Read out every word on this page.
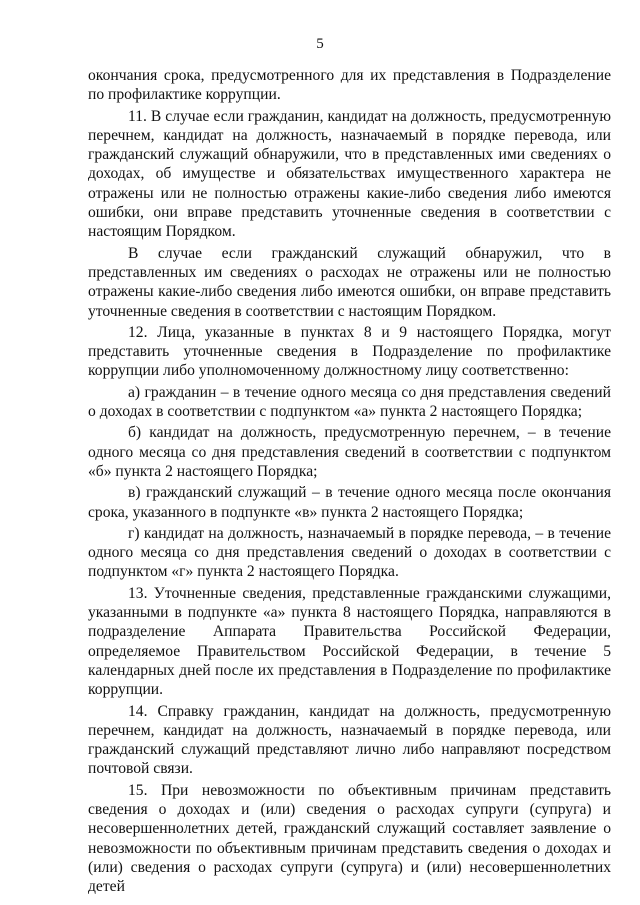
5

окончания срока, предусмотренного для их представления в Подразделение по профилактике коррупции.

11. В случае если гражданин, кандидат на должность, предусмотренную перечнем, кандидат на должность, назначаемый в порядке перевода, или гражданский служащий обнаружили, что в представленных ими сведениях о доходах, об имуществе и обязательствах имущественного характера не отражены или не полностью отражены какие-либо сведения либо имеются ошибки, они вправе представить уточненные сведения в соответствии с настоящим Порядком.

В случае если гражданский служащий обнаружил, что в представленных им сведениях о расходах не отражены или не полностью отражены какие-либо сведения либо имеются ошибки, он вправе представить уточненные сведения в соответствии с настоящим Порядком.

12. Лица, указанные в пунктах 8 и 9 настоящего Порядка, могут представить уточненные сведения в Подразделение по профилактике коррупции либо уполномоченному должностному лицу соответственно:

а) гражданин – в течение одного месяца со дня представления сведений о доходах в соответствии с подпунктом «а» пункта 2 настоящего Порядка;

б) кандидат на должность, предусмотренную перечнем, – в течение одного месяца со дня представления сведений в соответствии с подпунктом «б» пункта 2 настоящего Порядка;

в) гражданский служащий – в течение одного месяца после окончания срока, указанного в подпункте «в» пункта 2 настоящего Порядка;

г) кандидат на должность, назначаемый в порядке перевода, – в течение одного месяца со дня представления сведений о доходах в соответствии с подпунктом «г» пункта 2 настоящего Порядка.

13. Уточненные сведения, представленные гражданскими служащими, указанными в подпункте «а» пункта 8 настоящего Порядка, направляются в подразделение Аппарата Правительства Российской Федерации, определяемое Правительством Российской Федерации, в течение 5 календарных дней после их представления в Подразделение по профилактике коррупции.

14. Справку гражданин, кандидат на должность, предусмотренную перечнем, кандидат на должность, назначаемый в порядке перевода, или гражданский служащий представляют лично либо направляют посредством почтовой связи.

15. При невозможности по объективным причинам представить сведения о доходах и (или) сведения о расходах супруги (супруга) и несовершеннолетних детей, гражданский служащий составляет заявление о невозможности по объективным причинам представить сведения о доходах и (или) сведения о расходах супруги (супруга) и (или) несовершеннолетних детей
